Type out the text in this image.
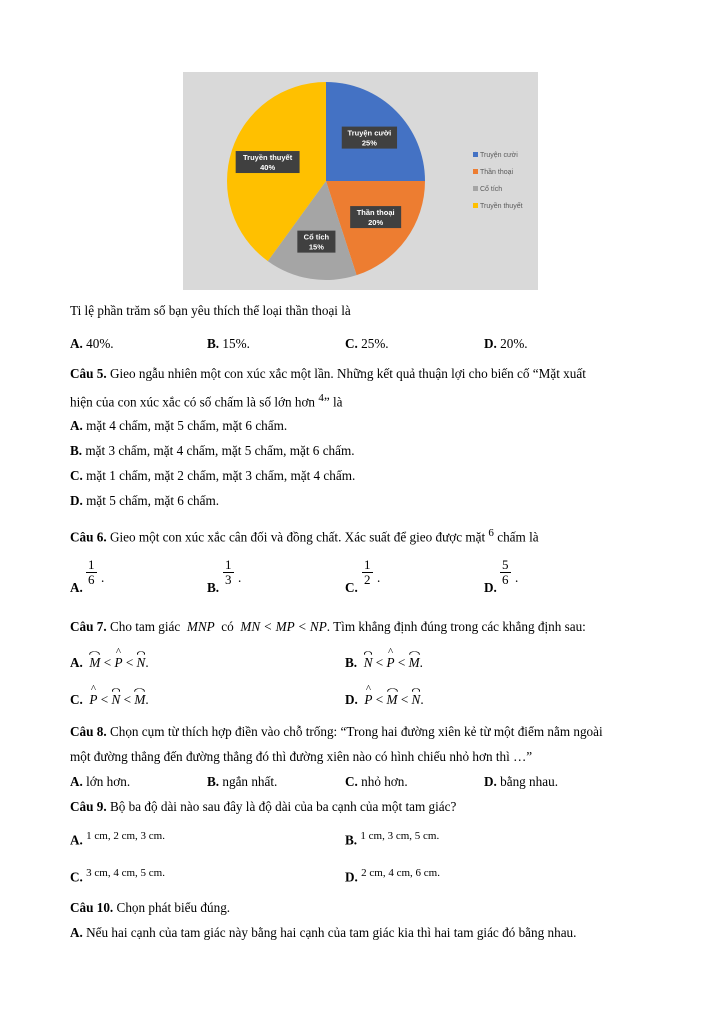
Truyện cười
25%
Thần thoại
20%
Cổ tích
15%
Truyền thuyết
40%
Truyện cười
Thần thoại
Cổ tích
Truyền thuyết
Ti lệ phần trăm số bạn yêu thích thể loại thần thoại là
A. 40%.	B. 15%.	C. 25%.	D. 20%.
Câu 5. Gieo ngẫu nhiên một con xúc xắc một lần. Những kết quả thuận lợi cho biến cố “Mặt xuất
hiện của con xúc xắc có số chấm là số lớn hơn $^4$” là
A. mặt 4 chấm, mặt 5 chấm, mặt 6 chấm.
B. mặt 3 chấm, mặt 4 chấm, mặt 5 chấm, mặt 6 chấm.
C. mặt 1 chấm, mặt 2 chấm, mặt 3 chấm, mặt 4 chấm.
D. mặt 5 chấm, mặt 6 chấm.
Câu 6. Gieo một con xúc xắc cân đối và đồng chất. Xác suất để gieo được mặt $^6$ chấm là
A.
$\frac{1}{6}$ .
B.
$\frac{1}{3}$ .
C.
$\frac{1}{2}$ .
D.
$\frac{5}{6}$ .
Câu 7. Cho tam giác MNP có MN < MP < NP. Tìm khẳng định đúng trong các khẳng định sau:
A. M < ^ P < N.	B. N < ^ P < M.
C. ^ P < N < M.	D. ^ P < M < N.
Câu 8. Chọn cụm từ thích hợp điền vào chỗ trống: “Trong hai đường xiên kẻ từ một điểm nằm ngoài
một đường thẳng đến đường thẳng đó thì đường xiên nào có hình chiếu nhỏ hơn thì …”
A. lớn hơn.	B. ngắn nhất.	C. nhỏ hơn.	D. bằng nhau.
Câu 9. Bộ ba độ dài nào sau đây là độ dài của ba cạnh của một tam giác?
A. $^{1 cm, 2 cm, 3 cm.}$	B. $^{1 cm, 3 cm, 5 cm.}$
C. $^{3 cm, 4 cm, 5 cm.}$	D. $^{2 cm, 4 cm, 6 cm.}$
Câu 10. Chọn phát biểu đúng.
A. Nếu hai cạnh của tam giác này bằng hai cạnh của tam giác kia thì hai tam giác đó bằng nhau.
